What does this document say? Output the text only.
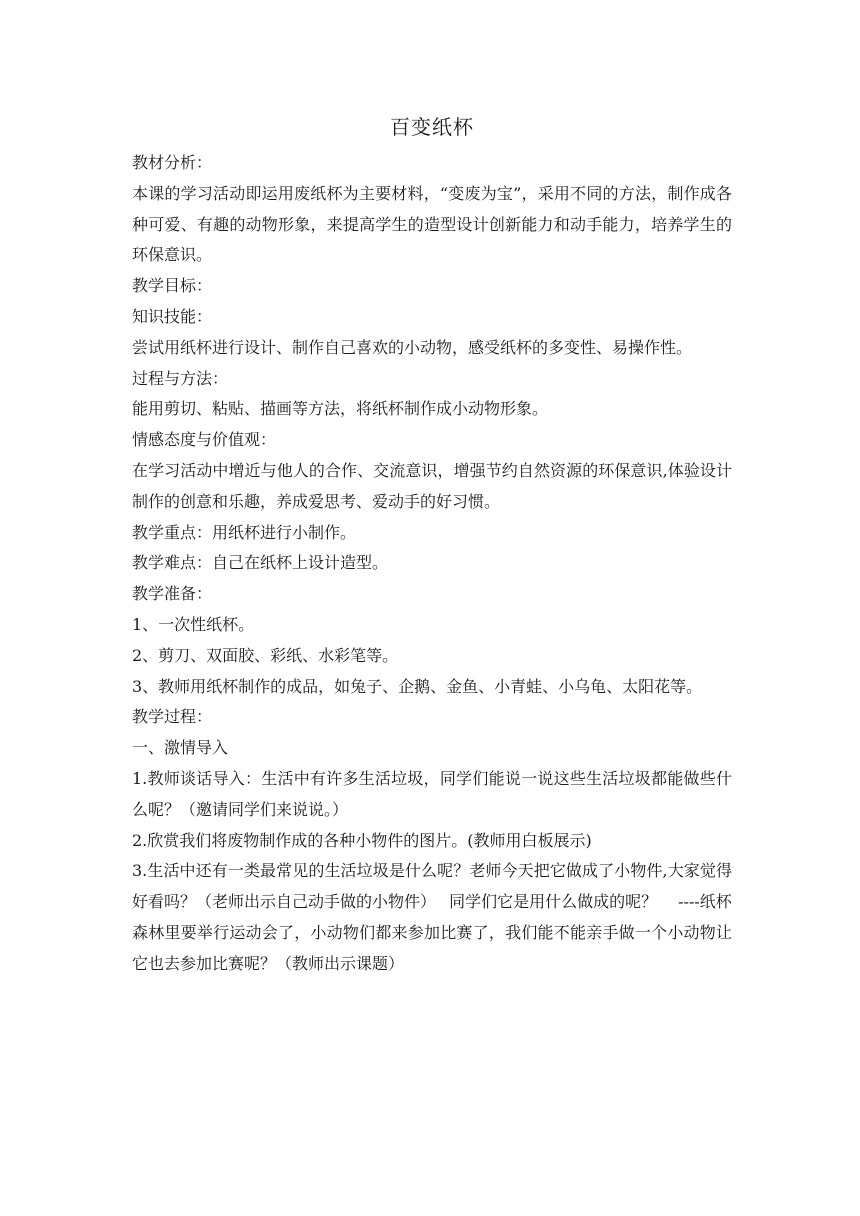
百变纸杯

教材分析：

本课的学习活动即运用废纸杯为主要材料，“变废为宝”，采用不同的方法，制作成各种可爱、有趣的动物形象，来提高学生的造型设计创新能力和动手能力，培养学生的环保意识。

教学目标：

知识技能：

尝试用纸杯进行设计、制作自己喜欢的小动物，感受纸杯的多变性、易操作性。

过程与方法：

能用剪切、粘贴、描画等方法，将纸杯制作成小动物形象。

情感态度与价值观：

在学习活动中增近与他人的合作、交流意识，增强节约自然资源的环保意识,体验设计制作的创意和乐趣，养成爱思考、爱动手的好习惯。

教学重点：用纸杯进行小制作。

教学难点：自己在纸杯上设计造型。

教学准备：

1、一次性纸杯。

2、剪刀、双面胶、彩纸、水彩笔等。

3、教师用纸杯制作的成品，如兔子、企鹅、金鱼、小青蛙、小乌龟、太阳花等。

教学过程：

一、激情导入

1.教师谈话导入：生活中有许多生活垃圾，同学们能说一说这些生活垃圾都能做些什么呢？（邀请同学们来说说。）

2.欣赏我们将废物制作成的各种小物件的图片。(教师用白板展示)

3.生活中还有一类最常见的生活垃圾是什么呢？老师今天把它做成了小物件,大家觉得好看吗？（老师出示自己动手做的小物件）　 同学们它是用什么做成的呢？　 ----纸杯

森林里要举行运动会了，小动物们都来参加比赛了，我们能不能亲手做一个小动物让它也去参加比赛呢？（教师出示课题）
